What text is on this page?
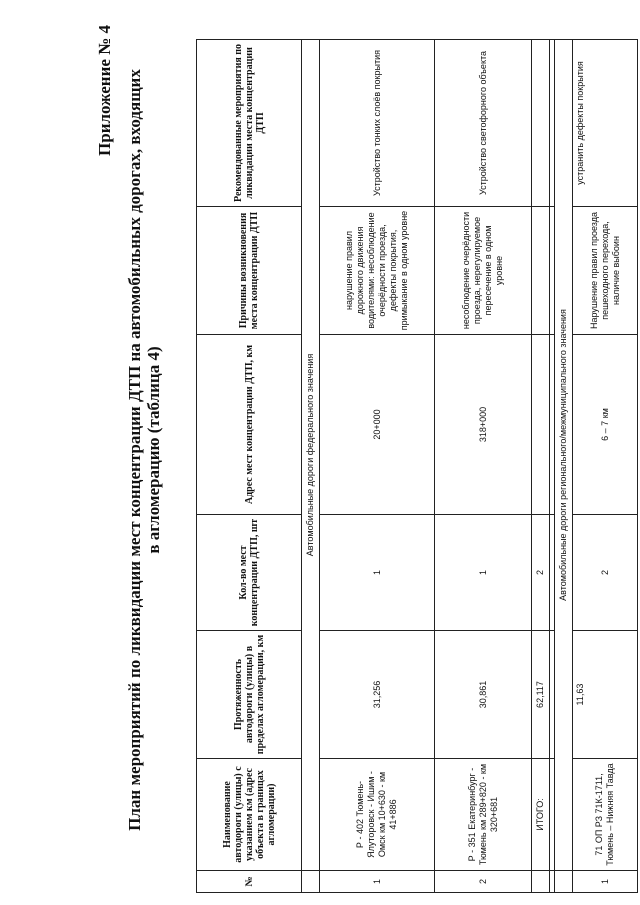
Приложение № 4 План мероприятий по ликвидации мест концентрации ДТП на автомобильных дорогах, входящих в агломерацию (таблица 4)
№	Наименование автодороги (улицы) с указанием км (адрес объекта в границах агломерации)	Протяженность автодороги (улицы) в пределах агломерации, км	Кол-во мест концентрации ДТП, шт	Адрес мест концентрации ДТП, км	Причины возникновения места концентрации ДТП	Рекомендованные мероприятия по ликвидации места концентрации ДТП
	Автомобильные дороги федерального значения					
1	Р - 402 Тюмень-Ялуторовск - Ишим - Омск км 10+630 - км 41+886	31,256	1	20+000	нарушение правил дорожного движения водителями: несоблюдение очерёдности проезда, дефекты покрытия, примыкание в одном уровне	Устройство тонких слоёв покрытия
2	Р - 351 Екатеринбург - Тюмень км 289+820 - км 320+681	30,861	1	318+000	несоблюдение очерёдности проезда, нерегулируемое пересечение в одном уровне	Устройство светофорного объекта
	ИТОГО:	62,117	2			

	Автомобильные дороги регионального/межмуниципального значения					
1	71 ОП РЗ 71К-1711, Тюмень – Нижняя Тавда	11,63	2	6 – 7 км	Нарушение правил проезда пешеходного перехода, наличие выбоин	устранить дефекты покрытия
